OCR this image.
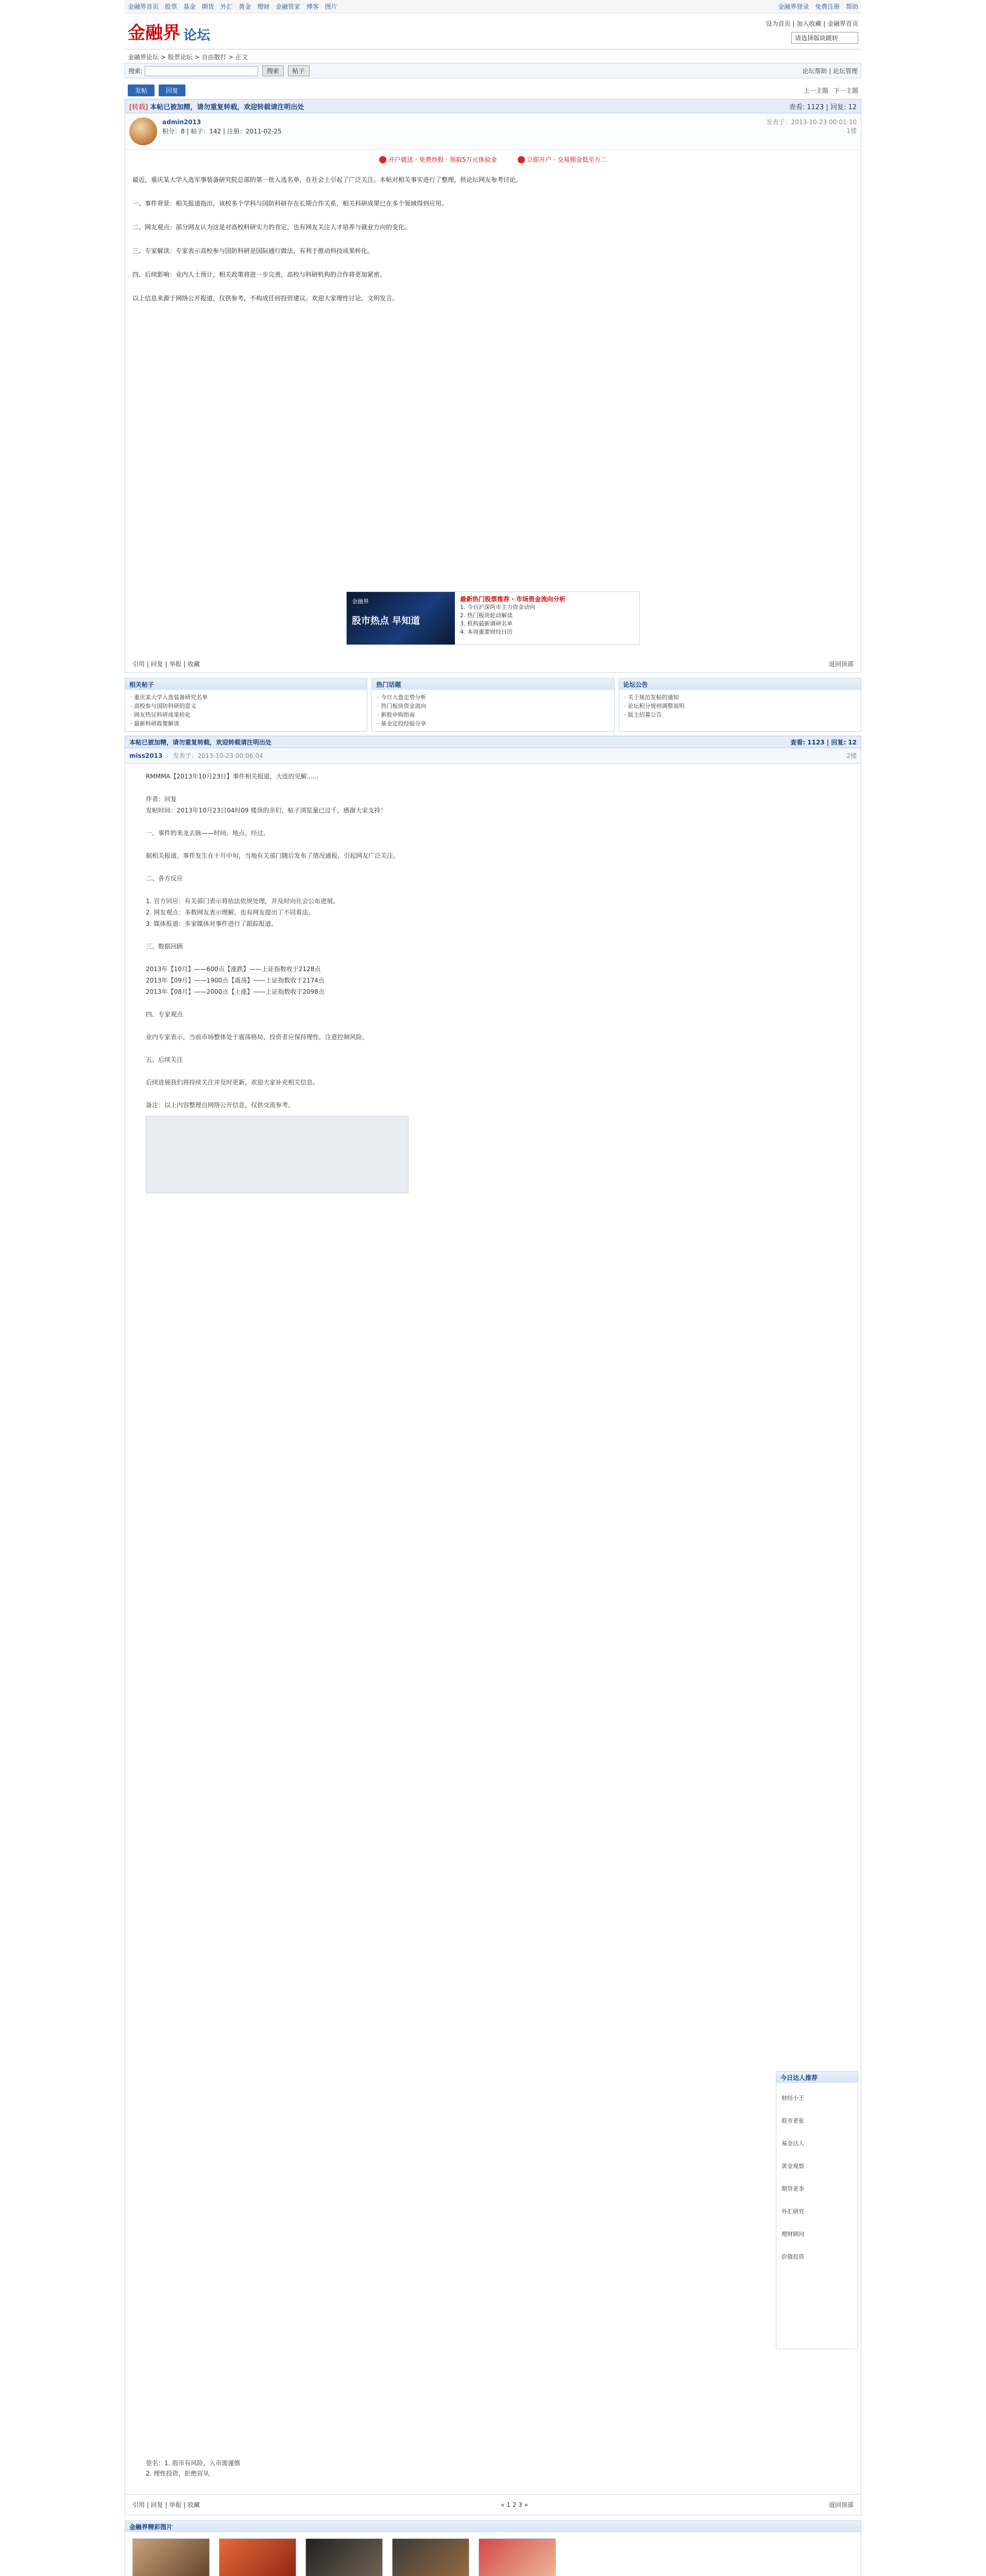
金融界首页 股票 基金 期货 外汇 黄金 理财 金融管家 博客 图片	金融界登录 免费注册 帮助
金融界 论坛
设为首页 | 加入收藏 | 金融界首页
请选择版块跳转
金融界论坛 > 股票论坛 > 自由散打 > 正文
搜索:	搜索 帖子	论坛帮助 | 论坛管理
发帖	回复	上一主题 下一主题
[转载] 本帖已被加精，请勿重复转载，欢迎转载请注明出处	查看: 1123 | 回复: 12
admin2013
积分：8 | 帖子：142 | 注册：2011-02-25
发表于：2013-10-23 00:01:10
1楼
开户就送 · 免费炒股 · 领取5万元体验金	立即开户 · 交易佣金低至万二

最近，重庆某大学入选军事装备研究院总部的第一批入选名单，在社会上引起了广泛关注。本帖对相关事实进行了整理，供论坛网友参考讨论。

一、事件背景：相关报道指出，该校多个学科与国防科研存在长期合作关系，相关科研成果已在多个领域得到应用。

二、网友观点：部分网友认为这是对高校科研实力的肯定，也有网友关注人才培养与就业方向的变化。

三、专家解读：专家表示高校参与国防科研是国际通行做法，有利于推动科技成果转化。

四、后续影响：业内人士预计，相关政策将进一步完善，高校与科研机构的合作将更加紧密。

以上信息来源于网络公开报道，仅供参考，不构成任何投资建议。欢迎大家理性讨论，文明发言。

金融界
股市热点 早知道
最新热门股票推荐 · 市场资金流向分析
1. 今日沪深两市主力资金动向
2. 热门板块轮动解读
3. 机构最新调研名单
4. 本周重要财经日历
引用 | 回复 | 举报 | 收藏	返回顶部
相关帖子
· 重庆某大学入选装备研究名单
· 高校参与国防科研的意义
· 网友热议科研成果转化
· 最新科研政策解读
热门话题
· 今日大盘走势分析
· 热门板块资金流向
· 新股申购指南
· 基金定投经验分享
论坛公告
· 关于规范发帖的通知
· 论坛积分规则调整说明
· 版主招募公告
本帖已被加精，请勿重复转载，欢迎转载请注明出处	查看: 1123 | 回复: 12
miss2013 发表于：2013-10-23 00:06:04	2楼
RMMMA【2013年10月23日】事件相关报道，大连的见解......

作者：回复
发帖时间：2013年10月23日04时09 楼顶的亲们，帖子浏览量已过千，感谢大家支持！

一、事件的来龙去脉——时间、地点、经过。

据相关报道，事件发生在十月中旬，当地有关部门随后发布了情况通报，引起网友广泛关注。

二、各方反应

1. 官方回应：有关部门表示将依法依规处理，并及时向社会公布进展。
2. 网友观点：多数网友表示理解，也有网友提出了不同看法。
3. 媒体报道：多家媒体对事件进行了跟踪报道。

三、数据回顾

2013年【10月】——600点【涨跌】——上证指数收于2128点
2013年【09月】——1900点【震荡】——上证指数收于2174点
2013年【08月】——2000点【上涨】——上证指数收于2098点

四、专家观点

业内专家表示，当前市场整体处于震荡格局，投资者应保持理性，注意控制风险。

五、后续关注

后续进展我们将持续关注并及时更新，欢迎大家补充相关信息。

备注：以上内容整理自网络公开信息，仅供交流参考。

签名：1. 股市有风险，入市需谨慎
2. 理性投资，拒绝盲从
引用 | 回复 | 举报 | 收藏	« 1 2 3 »	返回顶部
今日达人推荐
财经小王
股市老张
基金达人
黄金观察
期货老李
外汇研究
理财顾问
价值投资
金融界精彩图片
